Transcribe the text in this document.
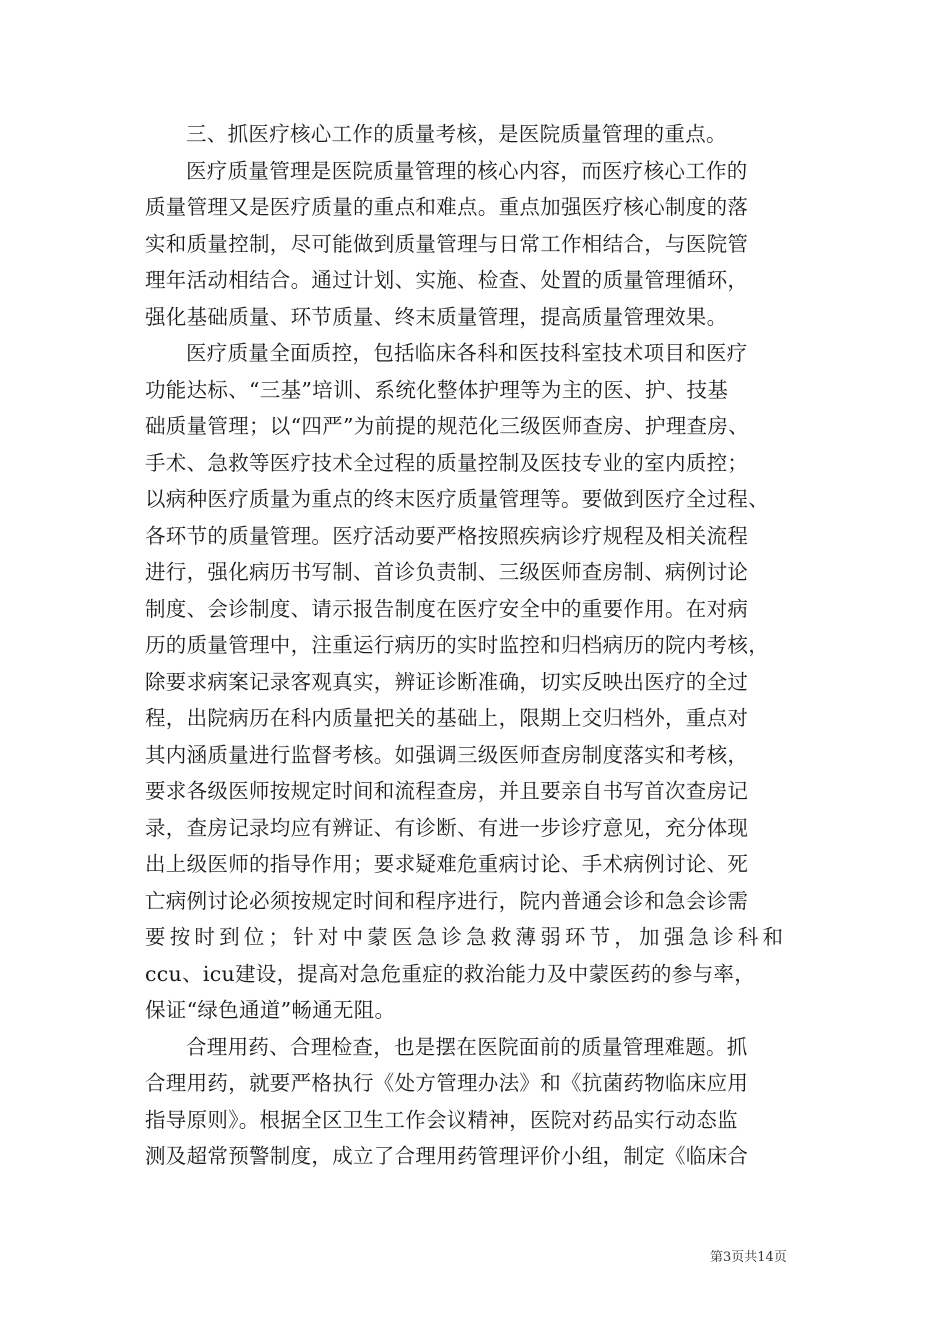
三、抓医疗核心工作的质量考核，是医院质量管理的重点。
医疗质量管理是医院质量管理的核心内容，而医疗核心工作的
质量管理又是医疗质量的重点和难点。重点加强医疗核心制度的落
实和质量控制，尽可能做到质量管理与日常工作相结合，与医院管
理年活动相结合。通过计划、实施、检查、处置的质量管理循环，
强化基础质量、环节质量、终末质量管理，提高质量管理效果。
医疗质量全面质控，包括临床各科和医技科室技术项目和医疗
功能达标、“三基”培训、系统化整体护理等为主的医、护、技基
础质量管理；以“四严”为前提的规范化三级医师查房、护理查房、
手术、急救等医疗技术全过程的质量控制及医技专业的室内质控；
以病种医疗质量为重点的终末医疗质量管理等。要做到医疗全过程、
各环节的质量管理。医疗活动要严格按照疾病诊疗规程及相关流程
进行，强化病历书写制、首诊负责制、三级医师查房制、病例讨论
制度、会诊制度、请示报告制度在医疗安全中的重要作用。在对病
历的质量管理中，注重运行病历的实时监控和归档病历的院内考核，
除要求病案记录客观真实，辨证诊断准确，切实反映出医疗的全过
程，出院病历在科内质量把关的基础上，限期上交归档外，重点对
其内涵质量进行监督考核。如强调三级医师查房制度落实和考核，
要求各级医师按规定时间和流程查房，并且要亲自书写首次查房记
录，查房记录均应有辨证、有诊断、有进一步诊疗意见，充分体现
出上级医师的指导作用；要求疑难危重病讨论、手术病例讨论、死
亡病例讨论必须按规定时间和程序进行，院内普通会诊和急会诊需
要按时到位；针对中蒙医急诊急救薄弱环节，加强急诊科和
ccu、icu建设，提高对急危重症的救治能力及中蒙医药的参与率，
保证“绿色通道”畅通无阻。
合理用药、合理检查，也是摆在医院面前的质量管理难题。抓
合理用药，就要严格执行《处方管理办法》和《抗菌药物临床应用
指导原则》。根据全区卫生工作会议精神，医院对药品实行动态监
测及超常预警制度，成立了合理用药管理评价小组，制定《临床合
第3页共14页
